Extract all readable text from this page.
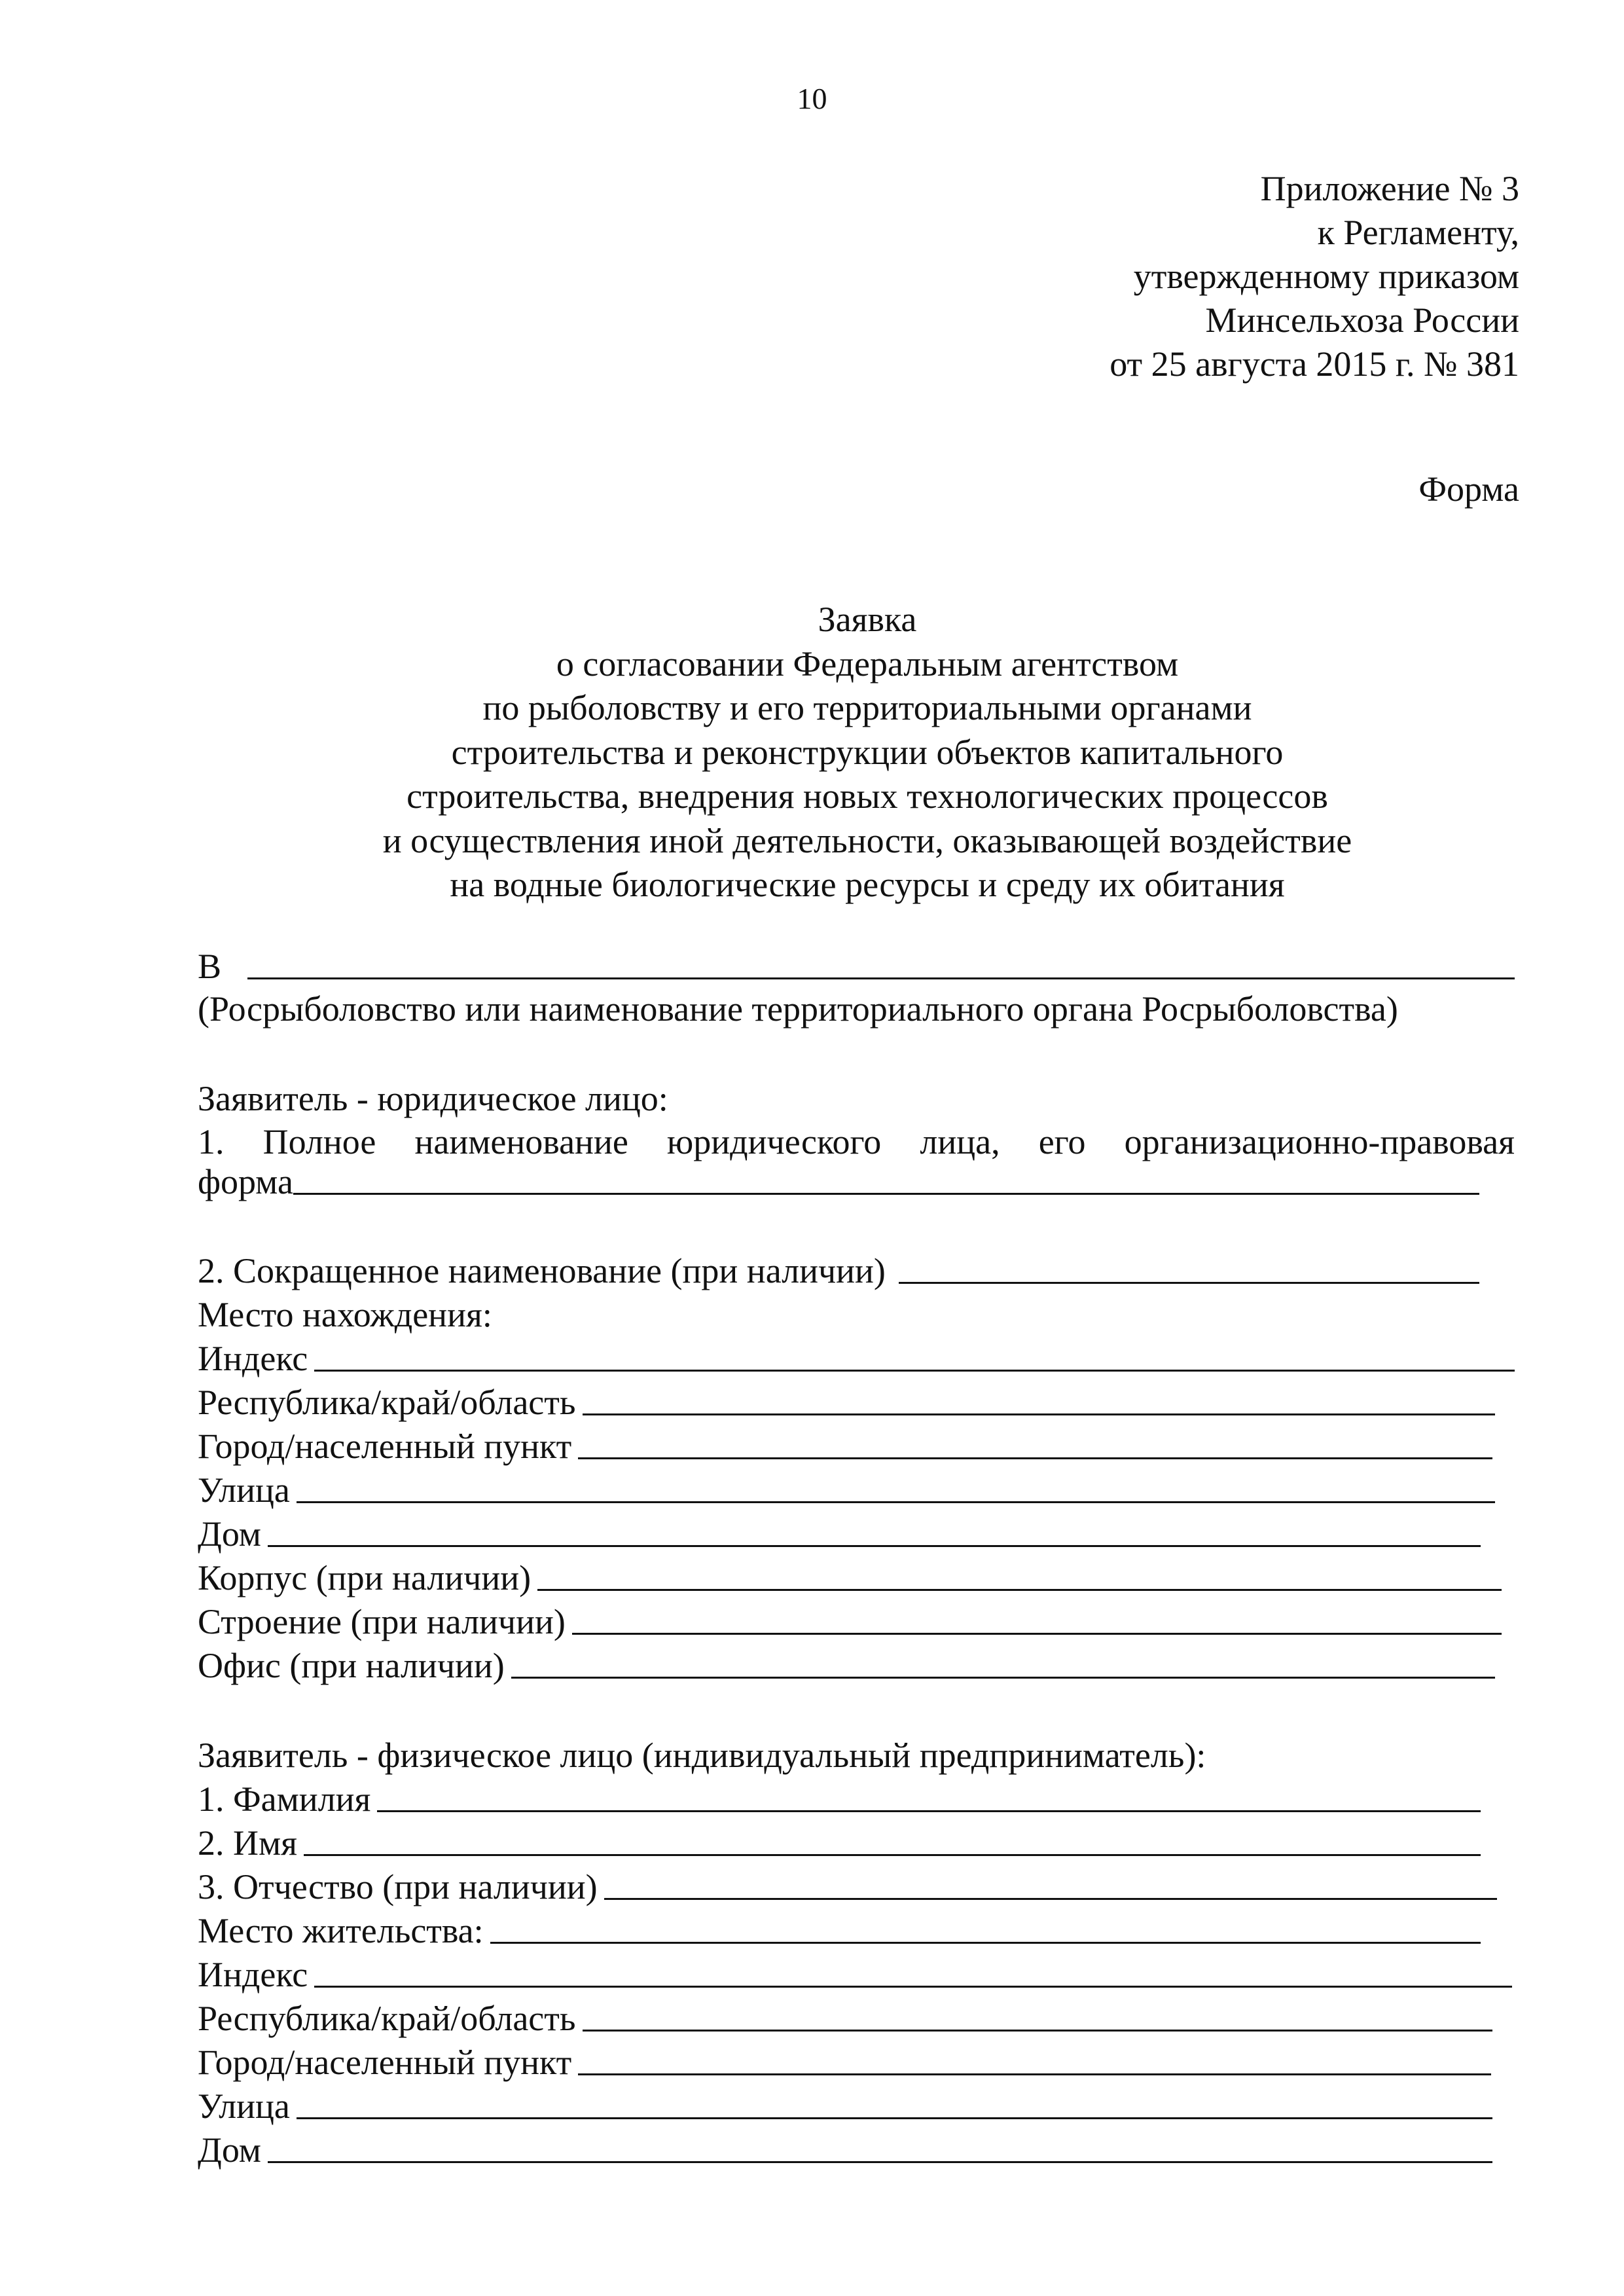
10
Приложение № 3
к Регламенту,
утвержденному приказом
Минсельхоза России
от 25 августа 2015 г. № 381
Форма
Заявка
о согласовании Федеральным агентством
по рыболовству и его территориальными органами
строительства и реконструкции объектов капитального
строительства, внедрения новых технологических процессов
и осуществления иной деятельности, оказывающей воздействие
на водные биологические ресурсы и среду их обитания
В
(Росрыболовство или наименование территориального органа Росрыболовства)
Заявитель - юридическое лицо:
1. Полное наименование юридического лица, его организационно-правовая
форма
2. Сокращенное наименование (при наличии)
Место нахождения:
Индекс
Республика/край/область
Город/населенный пункт
Улица
Дом
Корпус (при наличии)
Строение (при наличии)
Офис (при наличии)
Заявитель - физическое лицо (индивидуальный предприниматель):
1. Фамилия
2. Имя
3. Отчество (при наличии)
Место жительства:
Индекс
Республика/край/область
Город/населенный пункт
Улица
Дом
